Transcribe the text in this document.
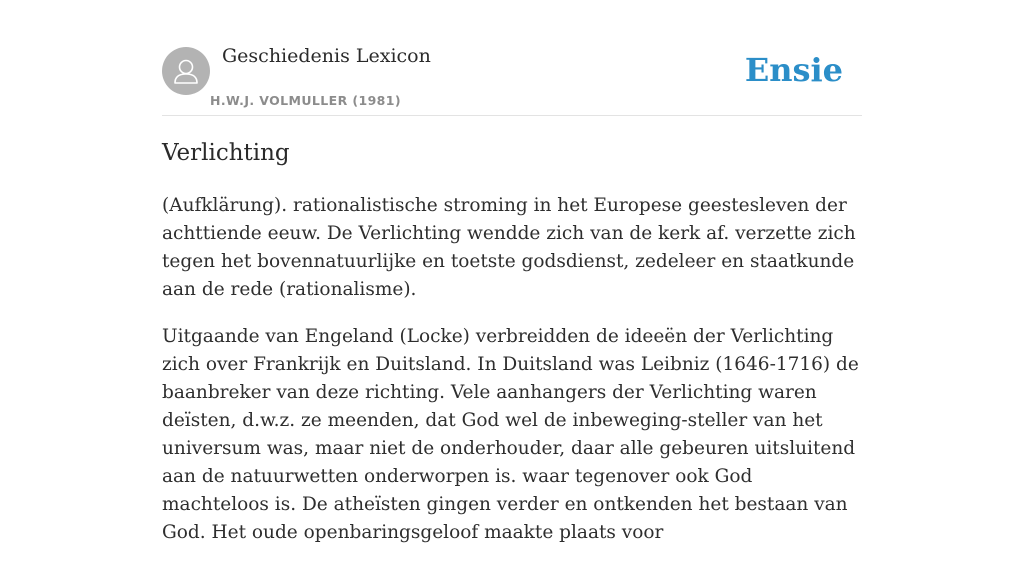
Geschiedenis Lexicon
H.W.J. VOLMULLER (1981)
Ensie
Verlichting

(Aufklärung). rationalistische stroming in het Europese geestesleven der achttiende eeuw. De Verlichting wendde zich van de kerk af. verzette zich tegen het bovennatuurlijke en toetste godsdienst, zedeleer en staatkunde aan de rede (rationalisme).

Uitgaande van Engeland (Locke) verbreidden de ideeën der Verlichting zich over Frankrijk en Duitsland. In Duitsland was Leibniz (1646-1716) de baanbreker van deze richting. Vele aanhangers der Verlichting waren deïsten, d.w.z. ze meenden, dat God wel de inbeweging-steller van het universum was, maar niet de onderhouder, daar alle gebeuren uitsluitend aan de natuurwetten onderworpen is. waar tegenover ook God machteloos is. De atheïsten gingen verder en ontkenden het bestaan van God. Het oude openbaringsgeloof maakte plaats voor
